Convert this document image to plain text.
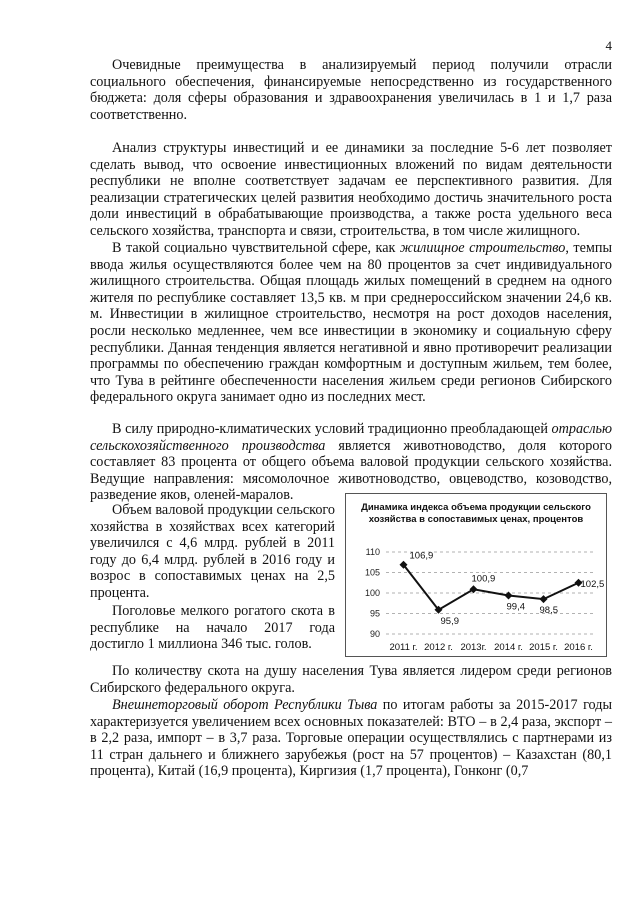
4

Очевидные преимущества в анализируемый период получили отрасли социального обеспечения, финансируемые непосредственно из государственного бюджета: доля сферы образования и здравоохранения увеличилась в 1 и 1,7 раза соответственно.

Анализ структуры инвестиций и ее динамики за последние 5-6 лет позволяет сделать вывод, что освоение инвестиционных вложений по видам деятельности республики не вполне соответствует задачам ее перспективного развития. Для реализации стратегических целей развития необходимо достичь значительного роста доли инвестиций в обрабатывающие производства, а также роста удельного веса сельского хозяйства, транспорта и связи, строительства, в том числе жилищного.

В такой социально чувствительной сфере, как жилищное строительство, темпы ввода жилья осуществляются более чем на 80 процентов за счет индивидуального жилищного строительства. Общая площадь жилых помещений в среднем на одного жителя по республике составляет 13,5 кв. м при среднероссийском значении 24,6 кв. м. Инвестиции в жилищное строительство, несмотря на рост доходов населения, росли несколько медленнее, чем все инвестиции в экономику и социальную сферу республики. Данная тенденция является негативной и явно противоречит реализации программы по обеспечению граждан комфортным и доступным жильем, тем более, что Тува в рейтинге обеспеченности населения жильем среди регионов Сибирского федерального округа занимает одно из последних мест.

В силу природно-климатических условий традиционно преобладающей отраслью сельскохозяйственного производства является животноводство, доля которого составляет 83 процента от общего объема валовой продукции сельского хозяйства. Ведущие направления: мясомолочное животноводство, овцеводство, козоводство, разведение яков, оленей-маралов.

Объем валовой продукции сельского хозяйства в хозяйствах всех категорий увеличился с 4,6 млрд. рублей в 2011 году до 6,4 млрд. рублей в 2016 году и возрос в сопоставимых ценах на 2,5 процента.

Поголовье мелкого рогатого скота в республике на начало 2017 года достигло 1 миллиона 346 тыс. голов.

По количеству скота на душу населения Тува является лидером среди регионов Сибирского федерального округа.

Внешнеторговый оборот Республики Тыва по итогам работы за 2015-2017 годы характеризуется увеличением всех основных показателей: ВТО – в 2,4 раза, экспорт – в 2,2 раза, импорт – в 3,7 раза. Торговые операции осуществлялись с партнерами из 11 стран дальнего и ближнего зарубежья (рост на 57 процентов) – Казахстан (80,1 процента), Китай (16,9 процента), Киргизия (1,7 процента), Гонконг (0,7

Динамика индекса объема продукции сельского хозяйства в сопоставимых ценах, процентов
110
105
100
95
90
106,9
95,9
100,9
99,4 98,5
102,5
2011 г. 2012 г. 2013г. 2014 г. 2015 г. 2016 г.
